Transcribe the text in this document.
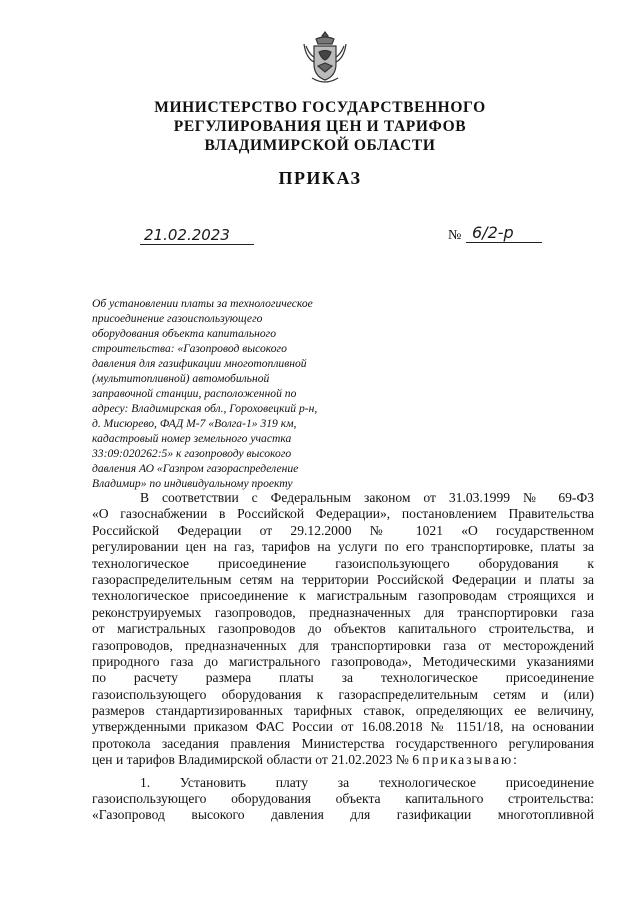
МИНИСТЕРСТВО ГОСУДАРСТВЕННОГО
РЕГУЛИРОВАНИЯ ЦЕН И ТАРИФОВ
ВЛАДИМИРСКОЙ ОБЛАСТИ
ПРИКАЗ
21.02.2023	№ 6/2-р
Об установлении платы за технологическое
присоединение газоиспользующего
оборудования объекта капитального
строительства: «Газопровод высокого
давления для газификации многотопливной
(мультитопливной) автомобильной
заправочной станции, расположенной по
адресу: Владимирская обл., Гороховецкий р-н,
д. Мисюрево, ФАД М-7 «Волга-1» 319 км,
кадастровый номер земельного участка
33:09:020262:5» к газопроводу высокого
давления АО «Газпром газораспределение
Владимир» по индивидуальному проекту
В соответствии с Федеральным законом от 31.03.1999 № 69-ФЗ
«О газоснабжении в Российской Федерации», постановлением Правительства
Российской Федерации от 29.12.2000 № 1021 «О государственном
регулировании цен на газ, тарифов на услуги по его транспортировке, платы за
технологическое присоединение газоиспользующего оборудования к
газораспределительным сетям на территории Российской Федерации и платы за
технологическое присоединение к магистральным газопроводам строящихся и
реконструируемых газопроводов, предназначенных для транспортировки газа
от магистральных газопроводов до объектов капитального строительства, и
газопроводов, предназначенных для транспортировки газа от месторождений
природного газа до магистрального газопровода», Методическими указаниями
по расчету размера платы за технологическое присоединение
газоиспользующего оборудования к газораспределительным сетям и (или)
размеров стандартизированных тарифных ставок, определяющих ее величину,
утвержденными приказом ФАС России от 16.08.2018 № 1151/18, на основании
протокола заседания правления Министерства государственного регулирования
цен и тарифов Владимирской области от 21.02.2023 № 6 приказываю:
1. Установить плату за технологическое присоединение
газоиспользующего оборудования объекта капитального строительства:
«Газопровод высокого давления для газификации многотопливной
